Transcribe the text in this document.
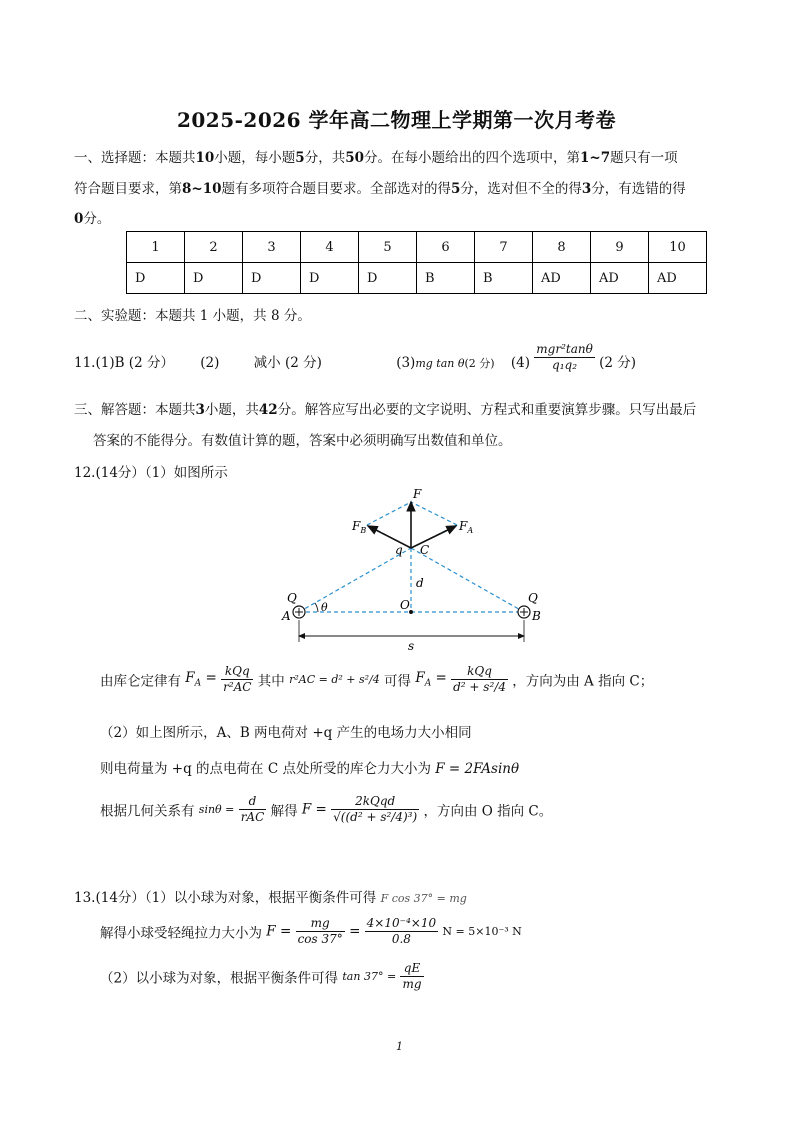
2025-2026 学年高二物理上学期第一次月考卷
一、选择题：本题共10小题，每小题5分，共50分。在每小题给出的四个选项中，第1~7题只有一项
符合题目要求，第8~10题有多项符合题目要求。全部选对的得5分，选对但不全的得3分，有选错的得
0分。
1	2	3	4	5	6	7	8	9	10
D	D	D	D	D	B	B	AD	AD	AD
二、实验题：本题共 1 小题，共 8 分。
11.(1)B (2 分） (2)	减小 (2 分)	(3)mg tan θ(2 分) $(4) \frac{\text{mgr²tanθ}}{\text{q₁q₂}} (2$ 分)
三、解答题：本题共3小题，共42分。解答应写出必要的文字说明、方程式和重要演算步骤。只写出最后
答案的不能得分。有数值计算的题，答案中必须明确写出数值和单位。
12.(14分）（1）如图所示
F
$F_B$	$F_A$
q C
d
O
Q	Q
A	B
θ
s
由库仑定律有 $F_A = \frac{\text{kQq}}{\text{r²AC}}$ 其中 r²AC = d² + s²/4 可得 $F_A = \frac{\text{kQq}}{\text{d² + s²/4}}$ ，方向为由 A 指向 C；
（2）如上图所示，A、B 两电荷对 +q 产生的电场力大小相同
则电荷量为 +q 的点电荷在 C 点处所受的库仑力大小为 F = 2FAsinθ
根据几何关系有 $\sin\theta = \frac{d}{\text{rAC}}$ 解得 $F = \frac{\text{2kQqd}}{\text{√((d² + s²/4)³)}}$ ，方向由 O 指向 C。
13.(14分）（1）以小球为对象，根据平衡条件可得 F cos 37° = mg
解得小球受轻绳拉力大小为 $F = \frac{mg}{\cos 37^\circ} = \frac{\text{4×10⁻⁴×10}}{0.8}$ N = 5×10⁻³ N
（2）以小球为对象，根据平衡条件可得 $\tan 37^\circ = \frac{qE}{mg}$
1
